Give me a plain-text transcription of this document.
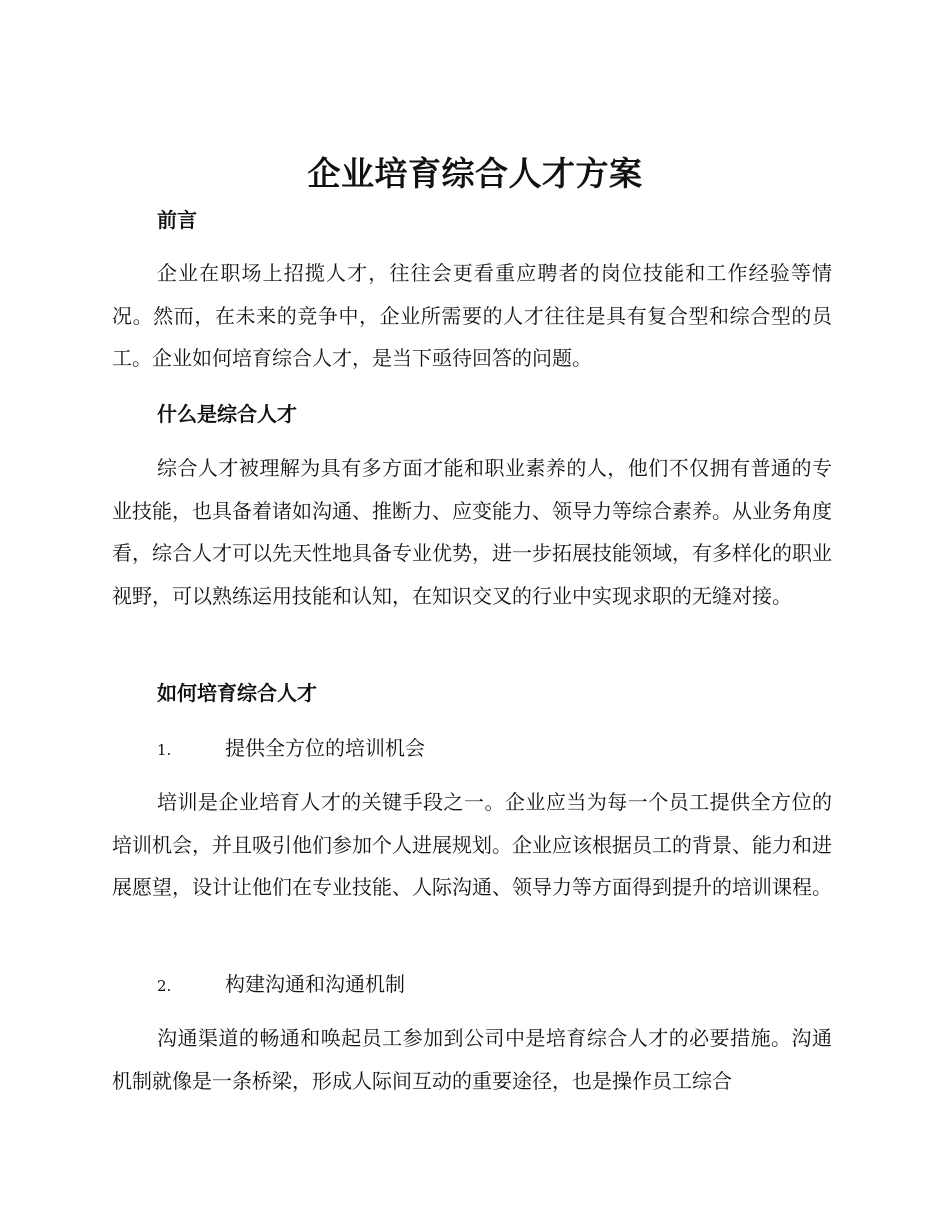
企业培育综合人才方案
前言

企业在职场上招揽人才，往往会更看重应聘者的岗位技能和工作经验等情况。然而，在未来的竞争中，企业所需要的人才往往是具有复合型和综合型的员工。企业如何培育综合人才，是当下亟待回答的问题。

什么是综合人才

综合人才被理解为具有多方面才能和职业素养的人，他们不仅拥有普通的专业技能，也具备着诸如沟通、推断力、应变能力、领导力等综合素养。从业务角度看，综合人才可以先天性地具备专业优势，进一步拓展技能领域，有多样化的职业视野，可以熟练运用技能和认知，在知识交叉的行业中实现求职的无缝对接。

如何培育综合人才
1.	提供全方位的培训机会

培训是企业培育人才的关键手段之一。企业应当为每一个员工提供全方位的培训机会，并且吸引他们参加个人进展规划。企业应该根据员工的背景、能力和进展愿望，设计让他们在专业技能、人际沟通、领导力等方面得到提升的培训课程。

2.	构建沟通和沟通机制

沟通渠道的畅通和唤起员工参加到公司中是培育综合人才的必要措施。沟通机制就像是一条桥梁，形成人际间互动的重要途径，也是操作员工综合
